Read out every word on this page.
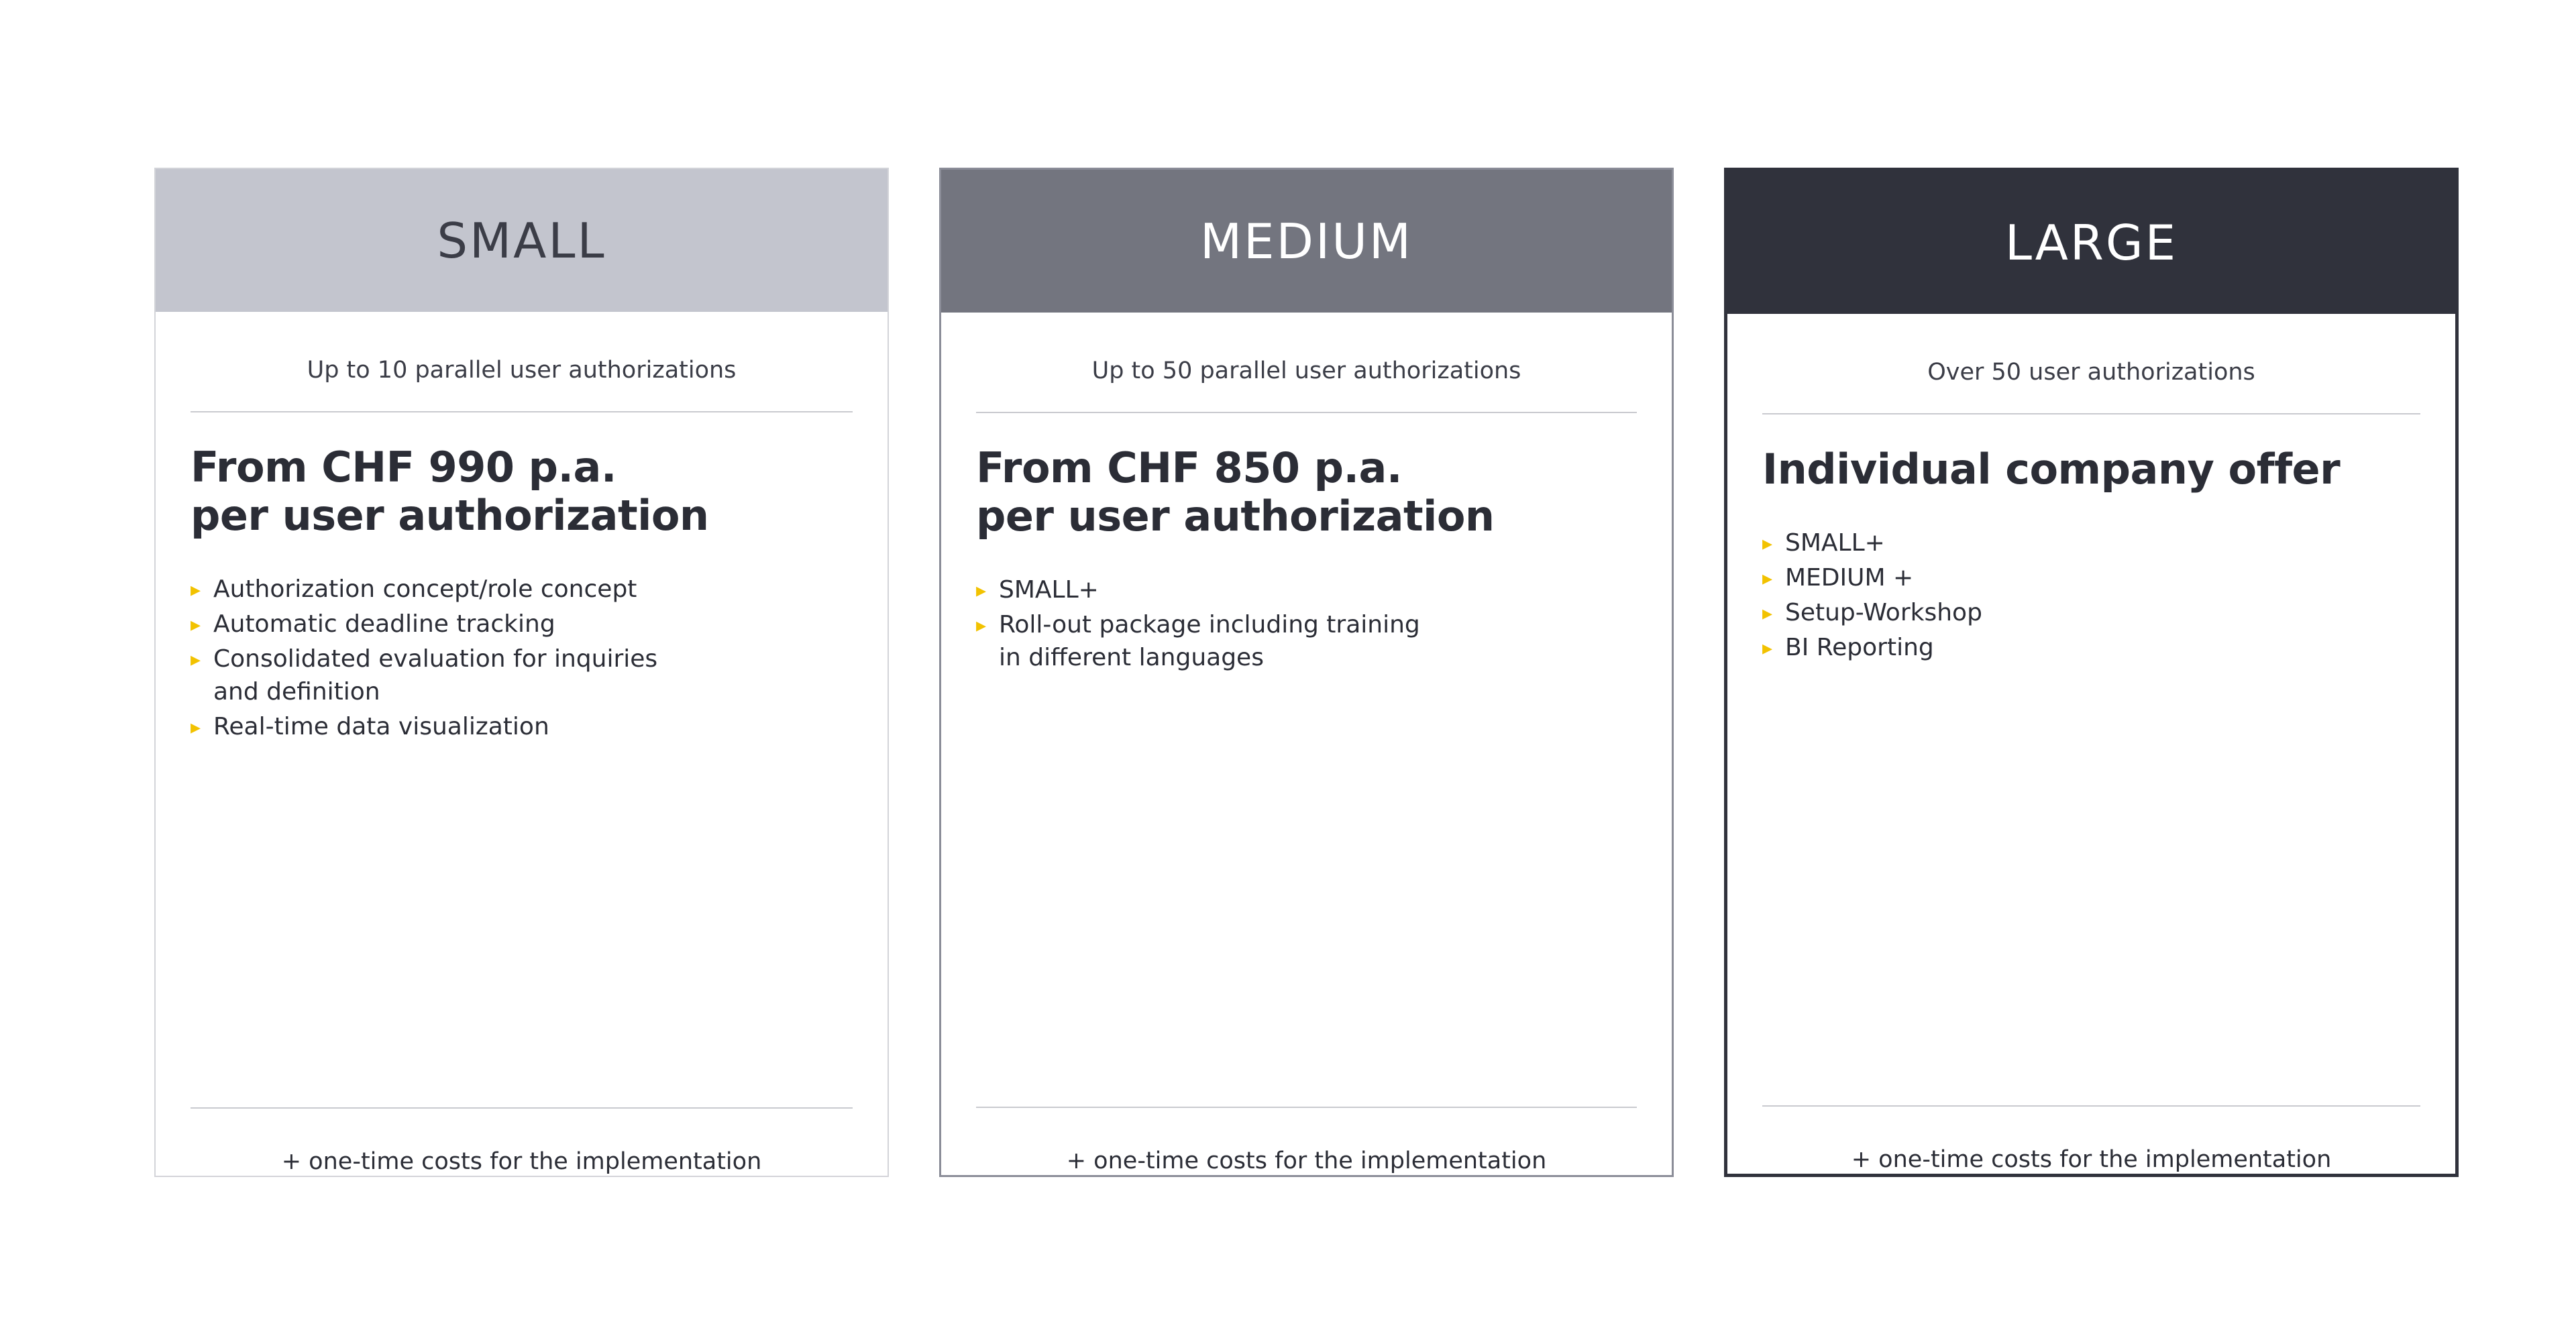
SMALL
Up to 10 parallel user authorizations
From CHF 990 p.a.
per user authorization
▸ Authorization concept/role concept
▸ Automatic deadline tracking
▸ Consolidated evaluation for inquiries
and definition
▸ Real-time data visualization
+ one-time costs for the implementation
MEDIUM
Up to 50 parallel user authorizations
From CHF 850 p.a.
per user authorization
▸ SMALL+
▸ Roll-out package including training
in different languages
+ one-time costs for the implementation
LARGE
Over 50 user authorizations
Individual company offer
▸ SMALL+
▸ MEDIUM +
▸ Setup-Workshop
▸ BI Reporting
+ one-time costs for the implementation
